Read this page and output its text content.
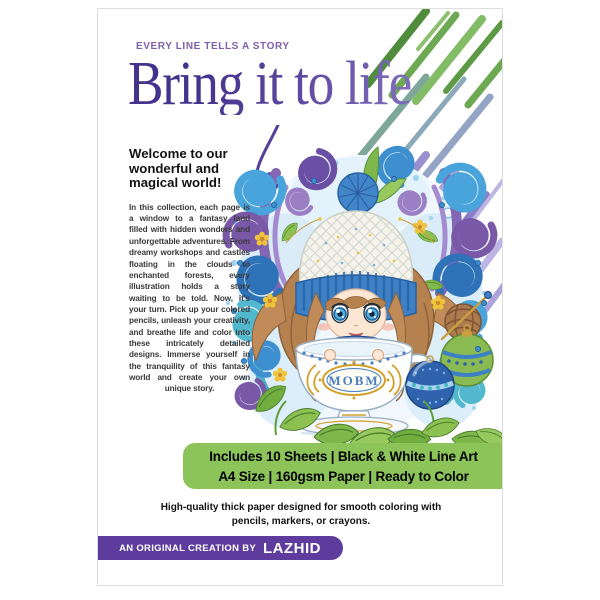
EVERY LINE TELLS A STORY
Bring it to life
Welcome to our wonderful and magical world!

In this collection, each page is a window to a fantasy land filled with hidden wonders and unforgettable adventures. From dreamy workshops and castles floating in the clouds to enchanted forests, every illustration holds a story waiting to be told. Now, it's your turn. Pick up your colored pencils, unleash your creativity, and breathe life and color into these intricately detailed designs. Immerse yourself in the tranquility of this fantasy world and create your own unique story.

MOBM
Includes 10 Sheets | Black & White Line Art
A4 Size | 160gsm Paper | Ready to Color
High-quality thick paper designed for smooth coloring with pencils, markers, or crayons.
AN ORIGINAL CREATION BY LAZHID
